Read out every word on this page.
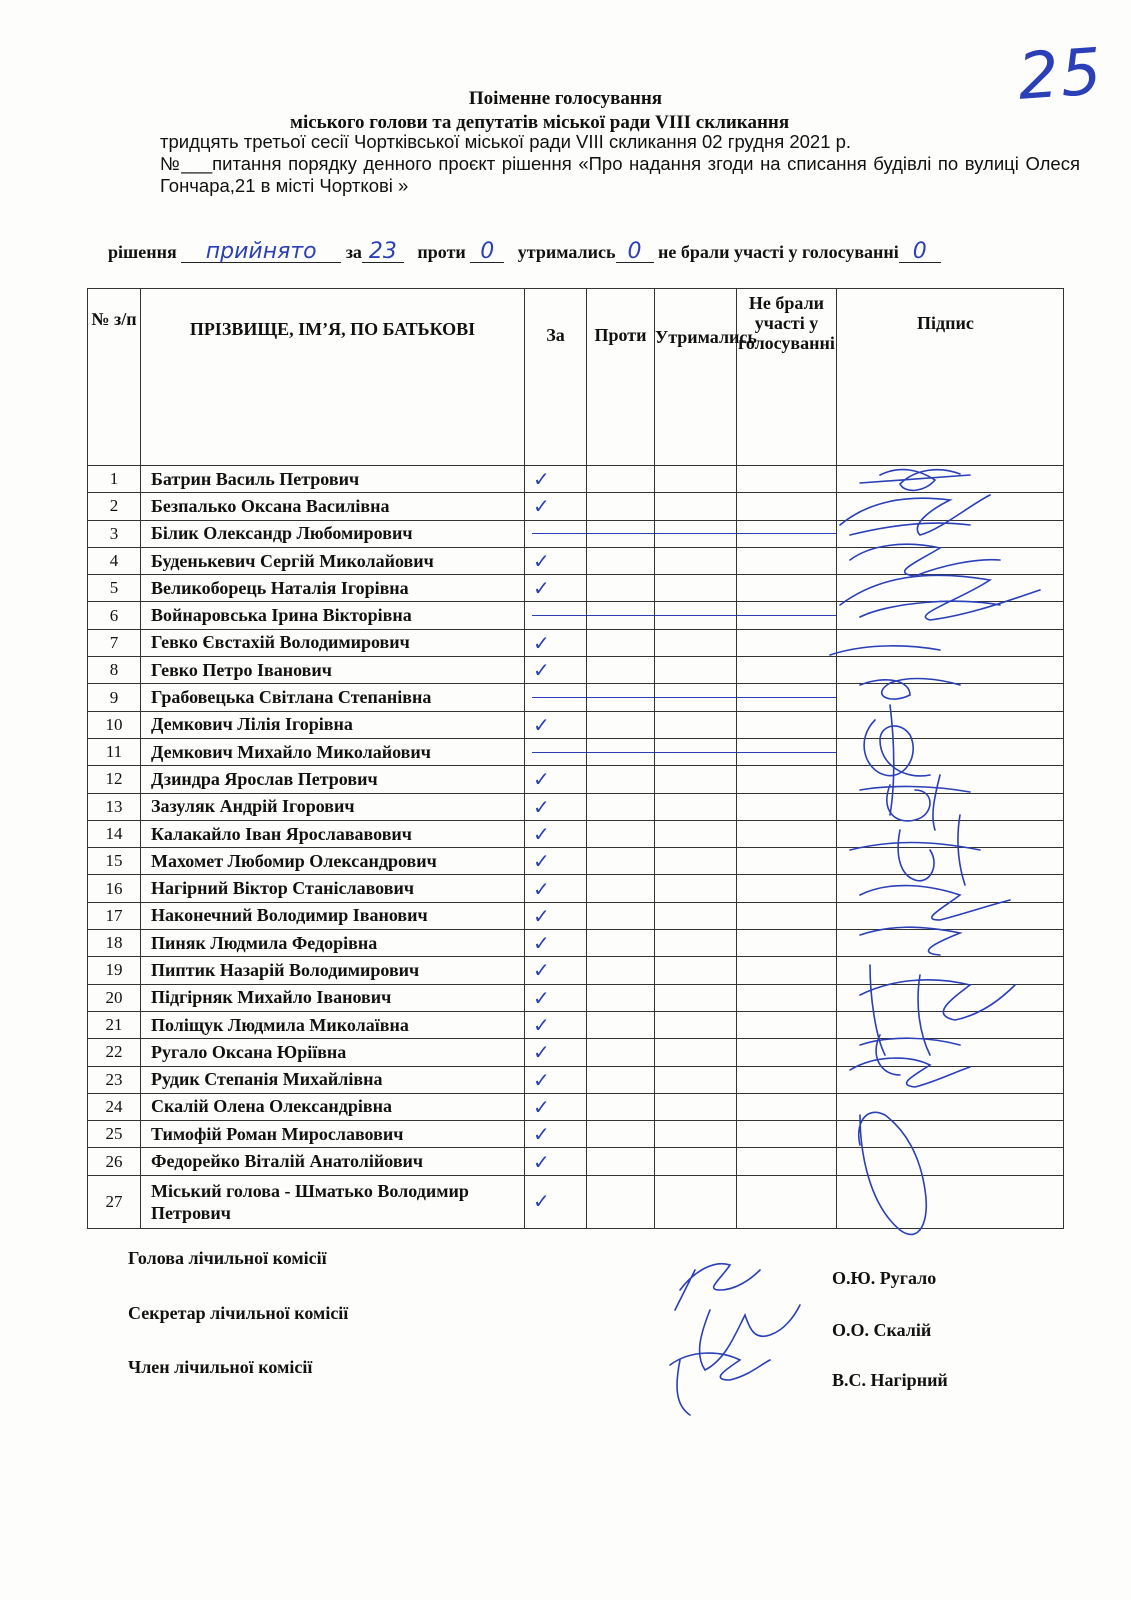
25
Поіменне голосування
міського голови та депутатів міської ради VIII скликання
тридцять третьої сесії Чортківської міської ради VIII скликання 02 грудня 2021 р.
№___питання порядку денного проєкт рішення «Про надання згоди на списання будівлі по вулиці Олеся Гончара,21 в місті Чорткові »
рішення прийнято за 23 проти 0 утримались 0 не брали участі у голосуванні 0
№ з/п	ПРІЗВИЩЕ, ІМ’Я, ПО БАТЬКОВІ	За	Проти	Утримались	Не брали участі у голосуванні	Підпис
1	Батрин Василь Петрович	✓				
2	Безпалько Оксана Василівна	✓				
3	Білик Олександр Любомирович	

4	Буденькевич Сергій Миколайович	✓				
5	Великоборець Наталія Ігорівна	✓				
6	Войнаровська Ірина Вікторівна	

7	Гевко Євстахій Володимирович	✓				
8	Гевко Петро Іванович	✓				
9	Грабовецька Світлана Степанівна	

10	Демкович Лілія Ігорівна	✓				
11	Демкович Михайло Миколайович	

12	Дзиндра Ярослав Петрович	✓				
13	Зазуляк Андрій Ігорович	✓				
14	Калакайло Іван Ярослававович	✓				
15	Махомет Любомир Олександрович	✓				
16	Нагірний Віктор Станіславович	✓				
17	Наконечний Володимир Іванович	✓				
18	Пиняк Людмила Федорівна	✓				
19	Пиптик Назарій Володимирович	✓				
20	Підгірняк Михайло Іванович	✓				
21	Поліщук Людмила Миколаївна	✓				
22	Ругало Оксана Юріївна	✓				
23	Рудик Степанія Михайлівна	✓				
24	Скалій Олена Олександрівна	✓				
25	Тимофій Роман Мирославович	✓				
26	Федорейко Віталій Анатолійович	✓				
27	Міський голова - Шматько Володимир Петрович	✓				
Голова лічильної комісії
Секретар лічильної комісії
Член лічильної комісії
О.Ю. Ругало
О.О. Скалій
В.С. Нагірний
